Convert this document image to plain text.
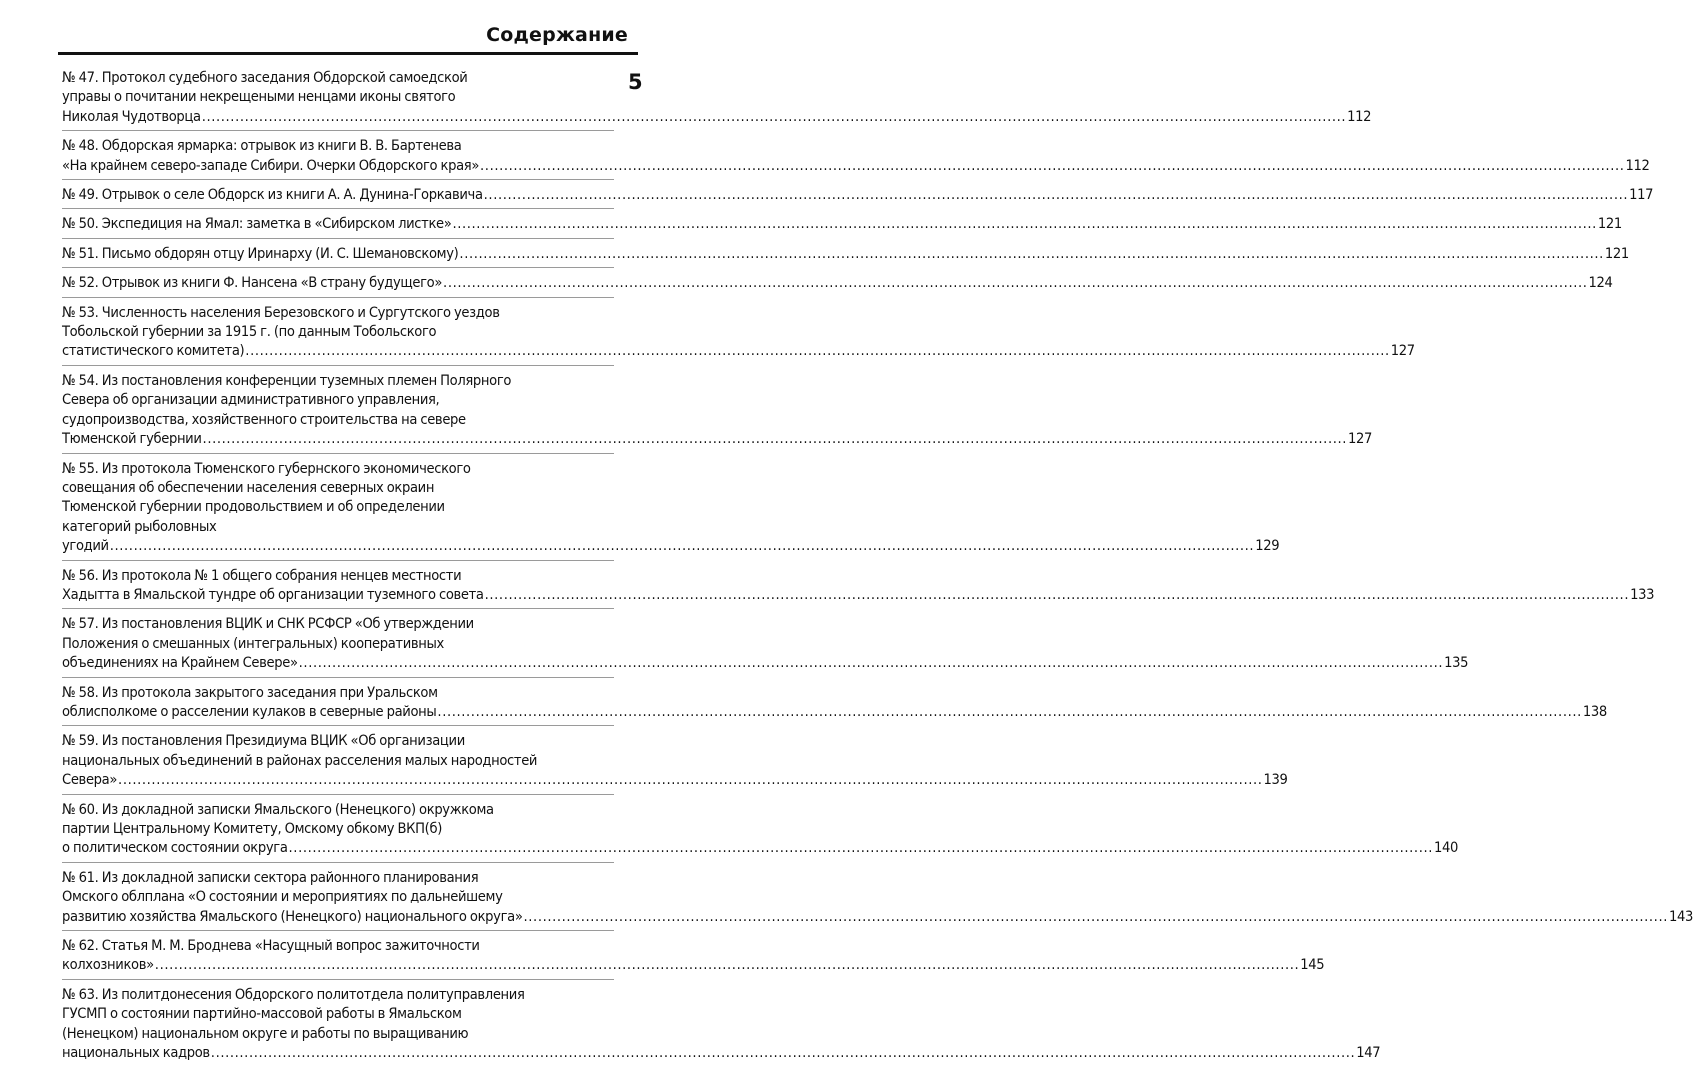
Содержание
5
№ 47. Протокол судебного заседания Обдорской самоедской
управы о почитании некрещеными ненцами иконы святого
Николая Чудотворца ................................................................................................................................................................................................................................................ 112
№ 48. Обдорская ярмарка: отрывок из книги В. В. Бартенева
«На крайнем северо-западе Сибири. Очерки Обдорского края» ................................................................................................................................................................................................................................................ 112
№ 49. Отрывок о селе Обдорск из книги А. А. Дунина-Горкавича ................................................................................................................................................................................................................................................ 117
№ 50. Экспедиция на Ямал: заметка в «Сибирском листке» ................................................................................................................................................................................................................................................ 121
№ 51. Письмо обдорян отцу Иринарху (И. С. Шемановскому) ................................................................................................................................................................................................................................................ 121
№ 52. Отрывок из книги Ф. Нансена «В страну будущего» ................................................................................................................................................................................................................................................ 124
№ 53. Численность населения Березовского и Сургутского уездов
Тобольской губернии за 1915 г. (по данным Тобольского
статистического комитета) ................................................................................................................................................................................................................................................ 127
№ 54. Из постановления конференции туземных племен Полярного
Севера об организации административного управления,
судопроизводства, хозяйственного строительства на севере
Тюменской губернии ................................................................................................................................................................................................................................................ 127
№ 55. Из протокола Тюменского губернского экономического
совещания об обеспечении населения северных окраин
Тюменской губернии продовольствием и об определении
категорий рыболовных
угодий ................................................................................................................................................................................................................................................ 129
№ 56. Из протокола № 1 общего собрания ненцев местности
Хадытта в Ямальской тундре об организации туземного совета ................................................................................................................................................................................................................................................ 133
№ 57. Из постановления ВЦИК и СНК РСФСР «Об утверждении
Положения о смешанных (интегральных) кооперативных
объединениях на Крайнем Севере» ................................................................................................................................................................................................................................................ 135
№ 58. Из протокола закрытого заседания при Уральском
облисполкоме о расселении кулаков в северные районы ................................................................................................................................................................................................................................................ 138
№ 59. Из постановления Президиума ВЦИК «Об организации
национальных объединений в районах расселения малых народностей
Севера» ................................................................................................................................................................................................................................................ 139
№ 60. Из докладной записки Ямальского (Ненецкого) окружкома
партии Центральному Комитету, Омскому обкому ВКП(б)
о политическом состоянии округа ................................................................................................................................................................................................................................................ 140
№ 61. Из докладной записки сектора районного планирования
Омского облплана «О состоянии и мероприятиях по дальнейшему
развитию хозяйства Ямальского (Ненецкого) национального округа» ................................................................................................................................................................................................................................................ 143
№ 62. Статья М. М. Броднева «Насущный вопрос зажиточности
колхозников» ................................................................................................................................................................................................................................................ 145
№ 63. Из политдонесения Обдорского политотдела политуправления
ГУСМП о состоянии партийно-массовой работы в Ямальском
(Ненецком) национальном округе и работы по выращиванию
национальных кадров ................................................................................................................................................................................................................................................ 147
